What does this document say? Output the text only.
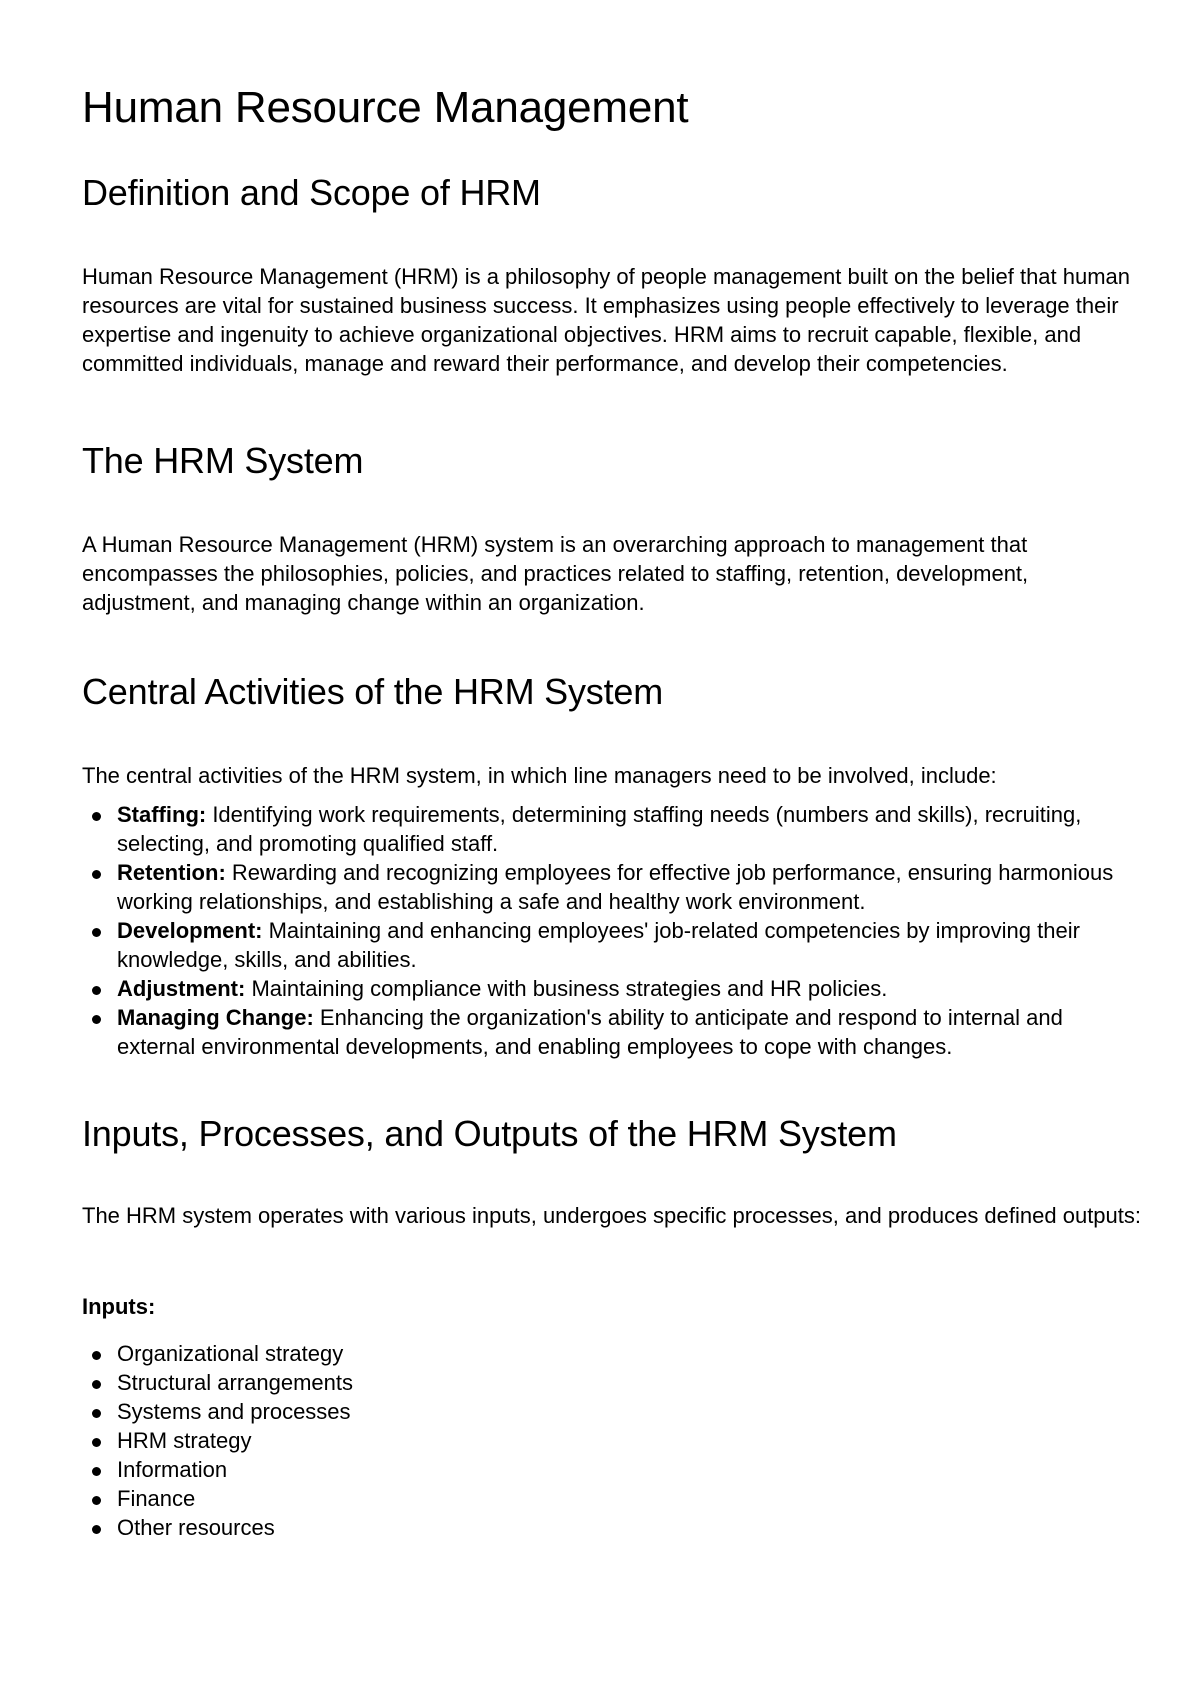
Human Resource Management
Definition and Scope of HRM

Human Resource Management (HRM) is a philosophy of people management built on the belief that human resources are vital for sustained business success. It emphasizes using people effectively to leverage their expertise and ingenuity to achieve organizational objectives. HRM aims to recruit capable, flexible, and committed individuals, manage and reward their performance, and develop their competencies.

The HRM System

A Human Resource Management (HRM) system is an overarching approach to management that encompasses the philosophies, policies, and practices related to staffing, retention, development, adjustment, and managing change within an organization.

Central Activities of the HRM System

The central activities of the HRM system, in which line managers need to be involved, include:

Staffing: Identifying work requirements, determining staffing needs (numbers and skills), recruiting, selecting, and promoting qualified staff.
Retention: Rewarding and recognizing employees for effective job performance, ensuring harmonious working relationships, and establishing a safe and healthy work environment.
Development: Maintaining and enhancing employees' job-related competencies by improving their knowledge, skills, and abilities.
Adjustment: Maintaining compliance with business strategies and HR policies.
Managing Change: Enhancing the organization's ability to anticipate and respond to internal and external environmental developments, and enabling employees to cope with changes.
Inputs, Processes, and Outputs of the HRM System

The HRM system operates with various inputs, undergoes specific processes, and produces defined outputs:

Inputs:

Organizational strategy
Structural arrangements
Systems and processes
HRM strategy
Information
Finance
Other resources
